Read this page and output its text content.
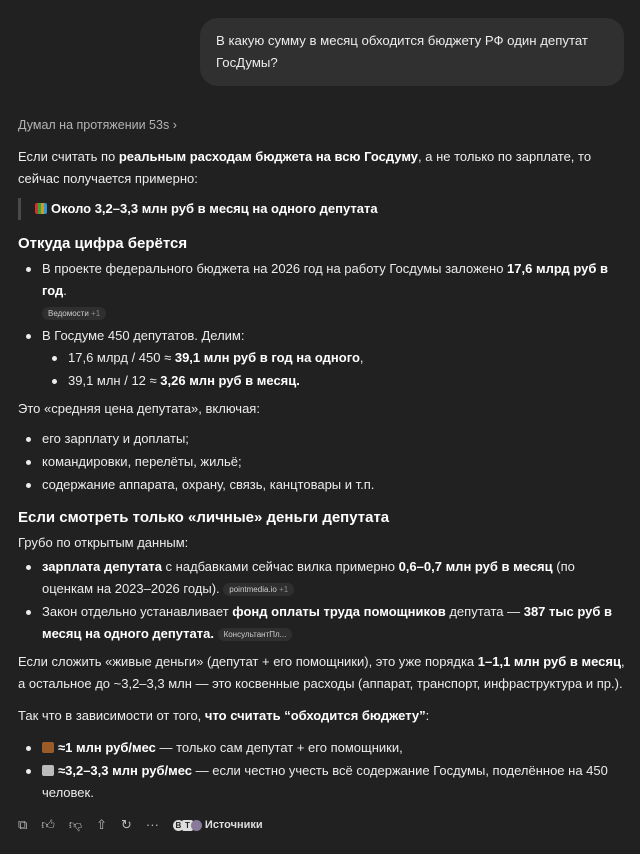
В какую сумму в месяц обходится бюджету РФ один депутат ГосДумы?
Думал на протяжении 53s ›

Если считать по реальным расходам бюджета на всю Госдуму, а не только по зарплате, то сейчас получается примерно:

Около 3,2–3,3 млн руб в месяц на одного депутата
Откуда цифра берётся
В проекте федерального бюджета на 2026 год на работу Госдумы заложено 17,6 млрд руб в год.
Ведомости +1
В Госдуме 450 депутатов. Делим:
17,6 млрд / 450 ≈ 39,1 млн руб в год на одного,
39,1 млн / 12 ≈ 3,26 млн руб в месяц.

Это «средняя цена депутата», включая:

его зарплату и доплаты;
командировки, перелёты, жильё;
содержание аппарата, охрану, связь, канцтовары и т.п.
Если смотреть только «личные» деньги депутата

Грубо по открытым данным:

зарплата депутата с надбавками сейчас вилка примерно 0,6–0,7 млн руб в месяц (по оценкам на 2023–2026 годы). pointmedia.io +1
Закон отдельно устанавливает фонд оплаты труда помощников депутата — 387 тыс руб в месяц на одного депутата. КонсультантПл...

Если сложить «живые деньги» (депутат + его помощники), это уже порядка 1–1,1 млн руб в месяц, а остальное до ~3,2–3,3 млн — это косвенные расходы (аппарат, транспорт, инфраструктура и пр.).

Так что в зависимости от того, что считать “обходится бюджету”:

≈1 млн руб/мес — только сам депутат + его помощники,
≈3,2–3,3 млн руб/мес — если честно учесть всё содержание Госдумы, поделённое на 450 человек.
⧉ 👍︎ 👎︎ ⇧ ↻ ···	В Т Источники
